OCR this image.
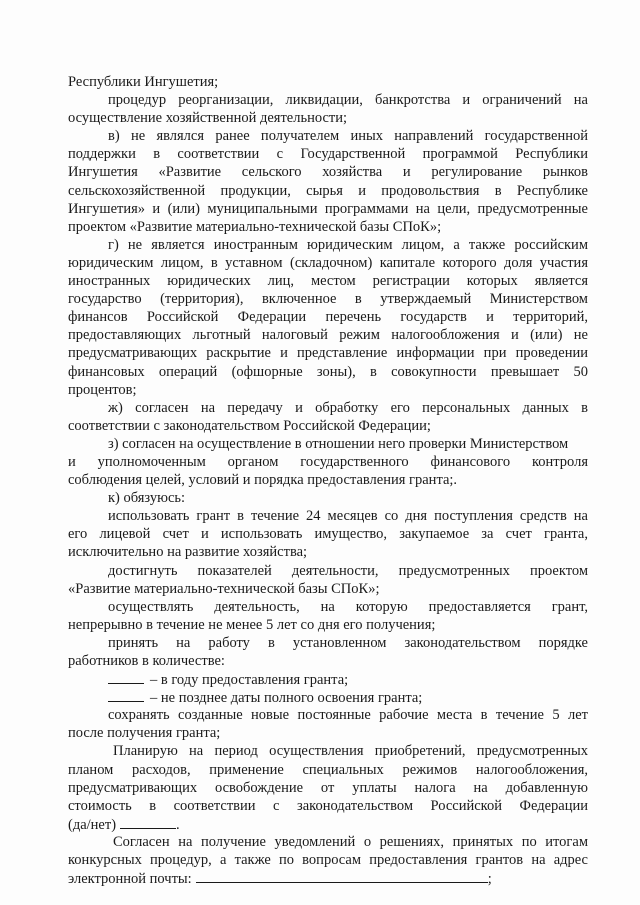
Республики Ингушетия;
процедур реорганизации, ликвидации, банкротства и ограничений на
осуществление хозяйственной деятельности;
в) не являлся ранее получателем иных направлений государственной
поддержки в соответствии с Государственной программой Республики
Ингушетия «Развитие сельского хозяйства и регулирование рынков
сельскохозяйственной продукции, сырья и продовольствия в Республике
Ингушетия» и (или) муниципальными программами на цели, предусмотренные
проектом «Развитие материально-технической базы СПоК»;
г) не является иностранным юридическим лицом, а также российским
юридическим лицом, в уставном (складочном) капитале которого доля участия
иностранных юридических лиц, местом регистрации которых является
государство (территория), включенное в утверждаемый Министерством
финансов Российской Федерации перечень государств и территорий,
предоставляющих льготный налоговый режим налогообложения и (или) не
предусматривающих раскрытие и представление информации при проведении
финансовых операций (офшорные зоны), в совокупности превышает 50
процентов;
ж) согласен на передачу и обработку его персональных данных в
соответствии с законодательством Российской Федерации;
з) согласен на осуществление в отношении него проверки Министерством
и уполномоченным органом государственного финансового контроля
соблюдения целей, условий и порядка предоставления гранта;.
к) обязуюсь:
использовать грант в течение 24 месяцев со дня поступления средств на
его лицевой счет и использовать имущество, закупаемое за счет гранта,
исключительно на развитие хозяйства;
достигнуть показателей деятельности, предусмотренных проектом
«Развитие материально-технической базы СПоК»;
осуществлять деятельность, на которую предоставляется грант,
непрерывно в течение не менее 5 лет со дня его получения;
принять на работу в установленном законодательством порядке
работников в количестве:
– в году предоставления гранта;
– не позднее даты полного освоения гранта;
сохранять созданные новые постоянные рабочие места в течение 5 лет
после получения гранта;
Планирую на период осуществления приобретений, предусмотренных
планом расходов, применение специальных режимов налогообложения,
предусматривающих освобождение от уплаты налога на добавленную
стоимость в соответствии с законодательством Российской Федерации
(да/нет)	.
Согласен на получение уведомлений о решениях, принятых по итогам
конкурсных процедур, а также по вопросам предоставления грантов на адрес
электронной почты:	;
